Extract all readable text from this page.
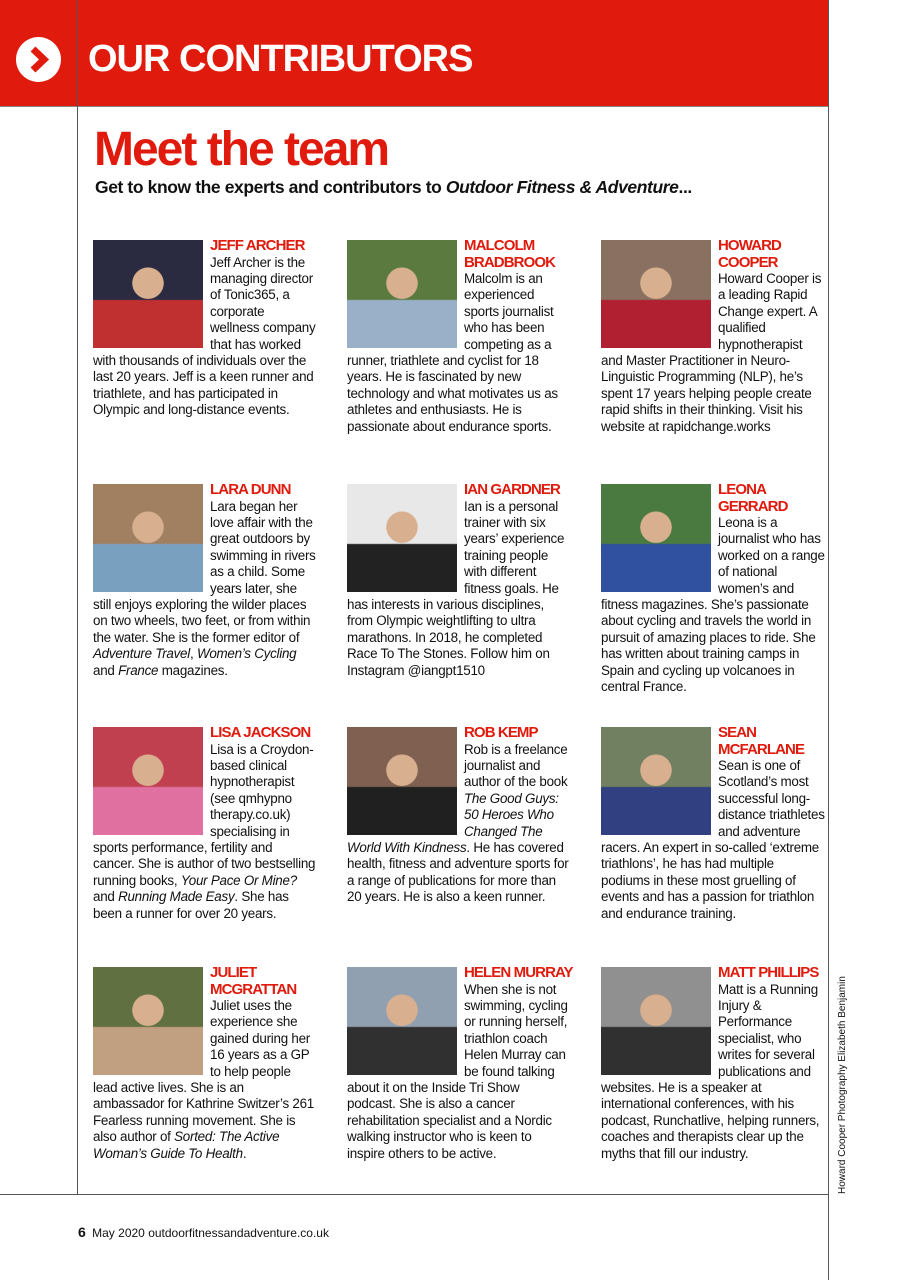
OUR CONTRIBUTORS
Meet the team
Get to know the experts and contributors to Outdoor Fitness & Adventure...
JEFF ARCHER
Jeff Archer is the managing director of Tonic365, a corporate wellness company that has worked with thousands of individuals over the last 20 years. Jeff is a keen runner and triathlete, and has participated in Olympic and long-distance events.
MALCOLM
BRADBROOK
Malcolm is an experienced sports journalist who has been competing as a runner, triathlete and cyclist for 18 years. He is fascinated by new technology and what motivates us as athletes and enthusiasts. He is passionate about endurance sports.
HOWARD
COOPER
Howard Cooper is a leading Rapid Change expert. A qualified hypnotherapist and Master Practitioner in Neuro-Linguistic Programming (NLP), he’s spent 17 years helping people create rapid shifts in their thinking. Visit his website at rapidchange.works
LARA DUNN
Lara began her love affair with the great outdoors by swimming in rivers as a child. Some years later, she still enjoys exploring the wilder places on two wheels, two feet, or from within the water. She is the former editor of Adventure Travel, Women’s Cycling and France magazines.
IAN GARDNER
Ian is a personal trainer with six years’ experience training people with different fitness goals. He has interests in various disciplines, from Olympic weightlifting to ultra marathons. In 2018, he completed Race To The Stones. Follow him on Instagram @iangpt1510
LEONA
GERRARD
Leona is a journalist who has worked on a range of national women’s and fitness magazines. She’s passionate about cycling and travels the world in pursuit of amazing places to ride. She has written about training camps in Spain and cycling up volcanoes in central France.
LISA JACKSON
Lisa is a Croydon-based clinical hypnotherapist (see qmhypno therapy.co.uk) specialising in sports performance, fertility and cancer. She is author of two bestselling running books, Your Pace Or Mine? and Running Made Easy. She has been a runner for over 20 years.
ROB KEMP
Rob is a freelance journalist and author of the book The Good Guys: 50 Heroes Who Changed The World With Kindness. He has covered health, fitness and adventure sports for a range of publications for more than 20 years. He is also a keen runner.
SEAN
MCFARLANE
Sean is one of Scotland’s most successful long-distance triathletes and adventure racers. An expert in so-called ‘extreme triathlons’, he has had multiple podiums in these most gruelling of events and has a passion for triathlon and endurance training.
JULIET
MCGRATTAN
Juliet uses the experience she gained during her 16 years as a GP to help people lead active lives. She is an ambassador for Kathrine Switzer’s 261 Fearless running movement. She is also author of Sorted: The Active Woman’s Guide To Health.
HELEN MURRAY
When she is not swimming, cycling or running herself, triathlon coach Helen Murray can be found talking about it on the Inside Tri Show podcast. She is also a cancer rehabilitation specialist and a Nordic walking instructor who is keen to inspire others to be active.
MATT PHILLIPS
Matt is a Running Injury & Performance specialist, who writes for several publications and websites. He is a speaker at international conferences, with his podcast, Runchatlive, helping runners, coaches and therapists clear up the myths that fill our industry.
6 May 2020 outdoorfitnessandadventure.co.uk
Howard Cooper Photography Elizabeth Benjamin
